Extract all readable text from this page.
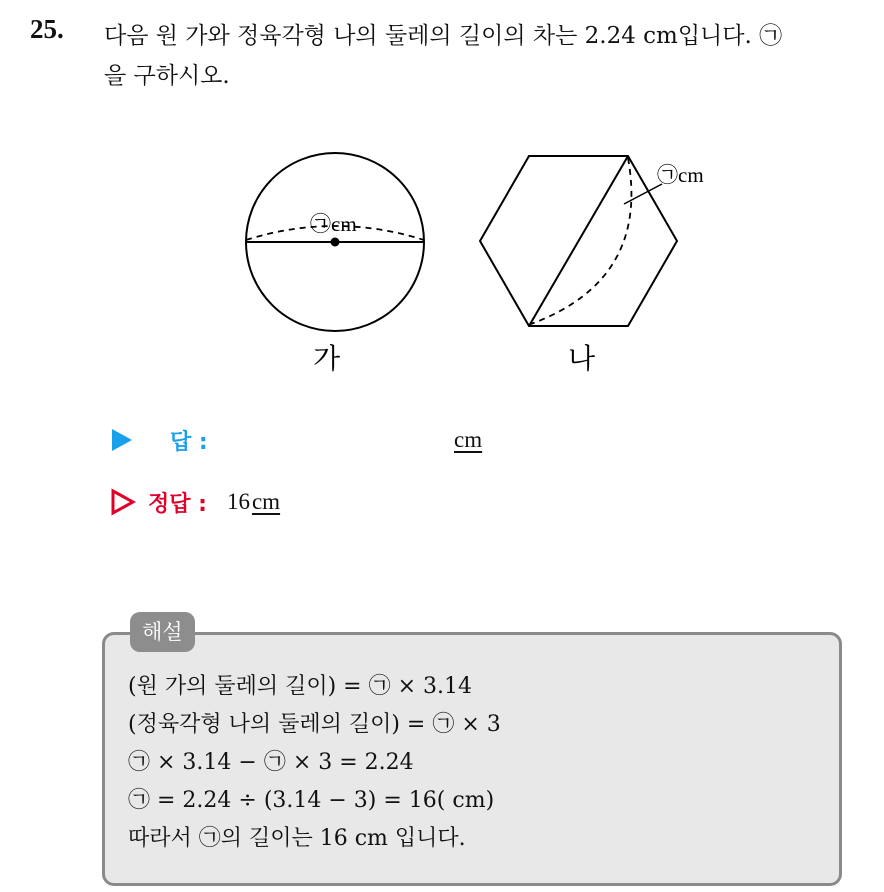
25. 다음 원 가와 정육각형 나의 둘레의 길이의 차는 2.24 cm입니다. ㉠
을 구하시오.
㉠cm
가
㉠cm
나
답 :	cm
정답 : 16 cm
해설
(원 가의 둘레의 길이) = ㉠ × 3.14
(정육각형 나의 둘레의 길이) = ㉠ × 3
㉠ × 3.14 − ㉠ × 3 = 2.24
㉠ = 2.24 ÷ (3.14 − 3) = 16( cm)
따라서 ㉠의 길이는 16 cm 입니다.
